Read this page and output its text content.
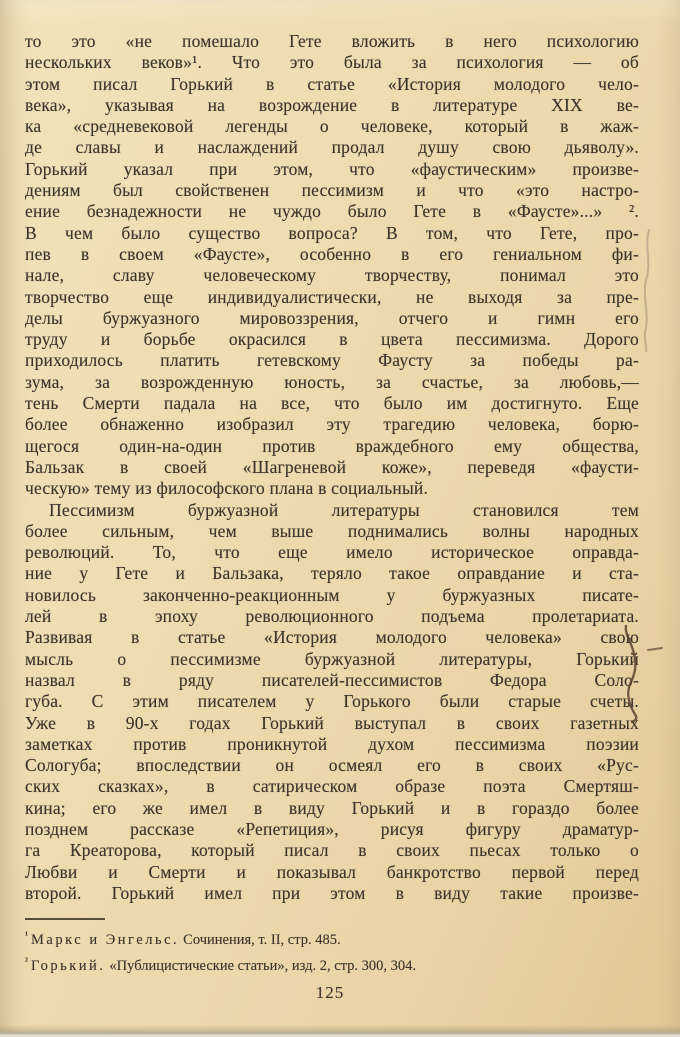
то это «не помешало Гете вложить в него психологию
нескольких веков»¹. Что это была за психология — об
этом писал Горький в статье «История молодого чело-
века», указывая на возрождение в литературе XIX ве-
ка «средневековой легенды о человеке, который в жаж-
де славы и наслаждений продал душу свою дьяволу».
Горький указал при этом, что «фаустическим» произве-
дениям был свойственен пессимизм и что «это настро-
ение безнадежности не чуждо было Гете в «Фаусте»...» ².
В чем было существо вопроса? В том, что Гете, про-
пев в своем «Фаусте», особенно в его гениальном фи-
нале, славу человеческому творчеству, понимал это
творчество еще индивидуалистически, не выходя за пре-
делы буржуазного мировоззрения, отчего и гимн его
труду и борьбе окрасился в цвета пессимизма. Дорого
приходилось платить гетевскому Фаусту за победы ра-
зума, за возрожденную юность, за счастье, за любовь,—
тень Смерти падала на все, что было им достигнуто. Еще
более обнаженно изобразил эту трагедию человека, борю-
щегося один-на-один против враждебного ему общества,
Бальзак в своей «Шагреневой коже», переведя «фаусти-
ческую» тему из философского плана в социальный.
Пессимизм буржуазной литературы становился тем
более сильным, чем выше поднимались волны народных
революций. То, что еще имело историческое оправда-
ние у Гете и Бальзака, теряло такое оправдание и ста-
новилось законченно-реакционным у буржуазных писате-
лей в эпоху революционного подъема пролетариата.
Развивая в статье «История молодого человека» свою
мысль о пессимизме буржуазной литературы, Горький
назвал в ряду писателей-пессимистов Федора Соло-
губа. С этим писателем у Горького были старые счеты.
Уже в 90-х годах Горький выступал в своих газетных
заметках против проникнутой духом пессимизма поэзии
Сологуба; впоследствии он осмеял его в своих «Рус-
ских сказках», в сатирическом образе поэта Смертяш-
кина; его же имел в виду Горький и в гораздо более
позднем рассказе «Репетиция», рисуя фигуру драматур-
га Креаторова, который писал в своих пьесах только о
Любви и Смерти и показывал банкротство первой перед
второй. Горький имел при этом в виду такие произве-
$^{^1}$ Маркс и Энгельс. Сочинения, т. II, стр. 485.
$^{^2}$ Горький. «Публицистические статьи», изд. 2, стр. 300, 304.
125
